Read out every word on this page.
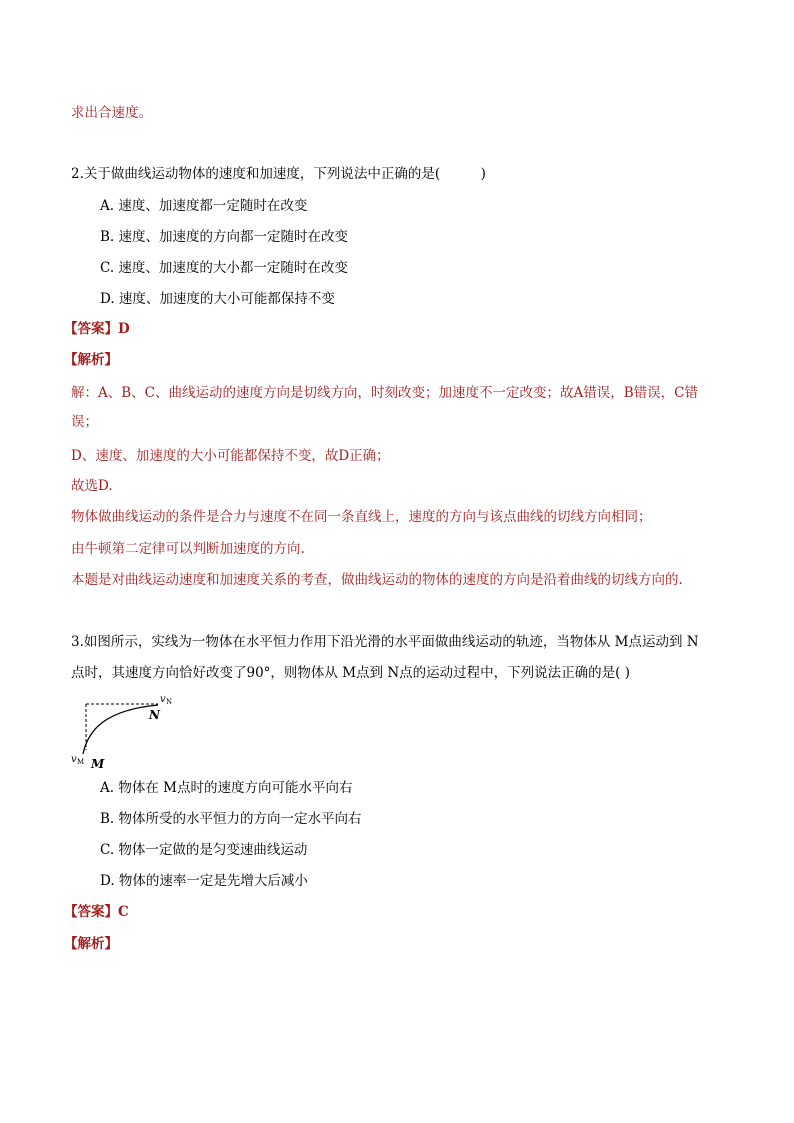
求出合速度。
2.关于做曲线运动物体的速度和加速度，下列说法中正确的是(　　　)
A. 速度、加速度都一定随时在改变
B. 速度、加速度的方向都一定随时在改变
C. 速度、加速度的大小都一定随时在改变
D. 速度、加速度的大小可能都保持不变
【答案】D
【解析】
解：A、B、C、曲线运动的速度方向是切线方向，时刻改变；加速度不一定改变；故A错误，B错误，C错
误；
D、速度、加速度的大小可能都保持不变，故D正确；
故选D.
物体做曲线运动的条件是合力与速度不在同一条直线上，速度的方向与该点曲线的切线方向相同；
由牛顿第二定律可以判断加速度的方向.
本题是对曲线运动速度和加速度关系的考查，做曲线运动的物体的速度的方向是沿着曲线的切线方向的.
3.如图所示，实线为一物体在水平恒力作用下沿光滑的水平面做曲线运动的轨迹，当物体从 M点运动到 N
点时，其速度方向恰好改变了90°，则物体从 M点到 N点的运动过程中，下列说法正确的是( )
v N
N
v M M
A. 物体在 M点时的速度方向可能水平向右
B. 物体所受的水平恒力的方向一定水平向右
C. 物体一定做的是匀变速曲线运动
D. 物体的速率一定是先增大后减小
【答案】C
【解析】
